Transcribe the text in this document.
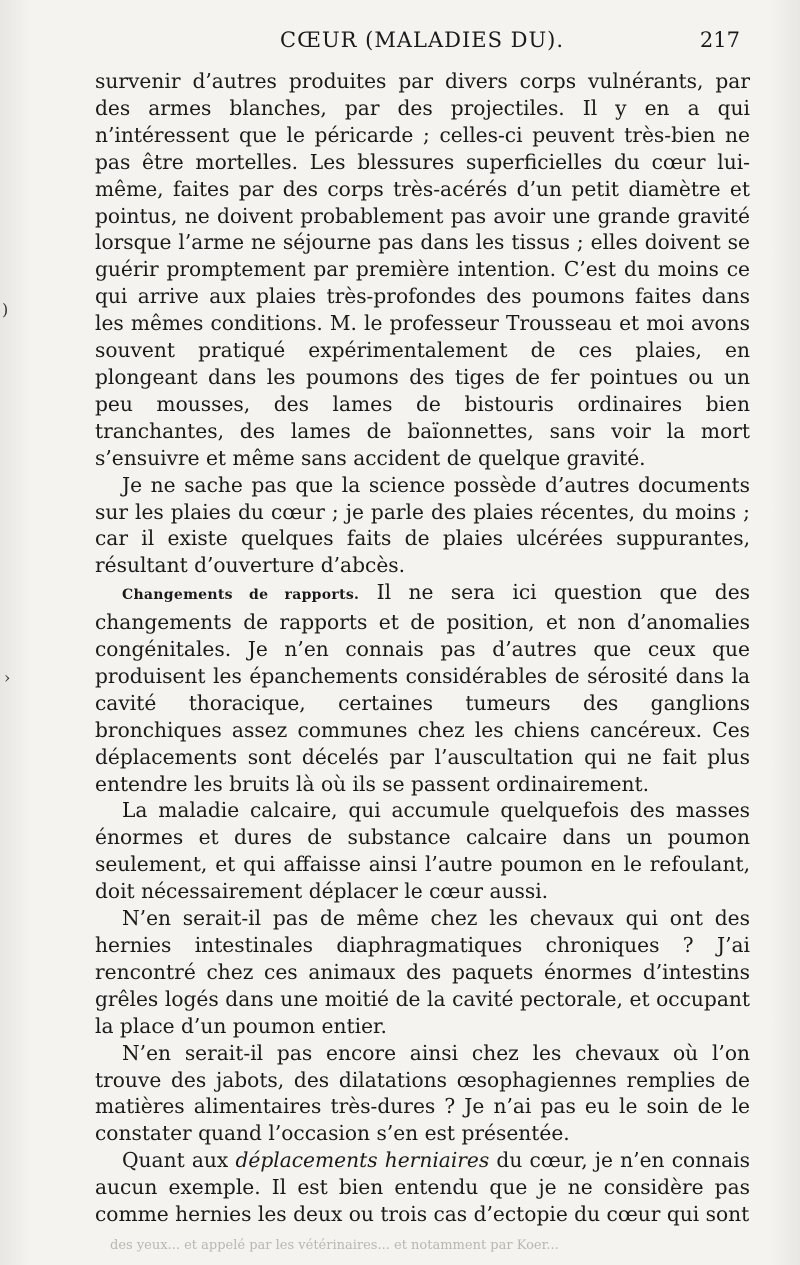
CŒUR (MALADIES DU).	217
)
›

survenir d’autres produites par divers corps vulnérants, par des armes blanches, par des projectiles. Il y en a qui n’intéressent que le péricarde ; celles-ci peuvent très-bien ne pas être mortelles. Les blessures superficielles du cœur lui-même, faites par des corps très-acérés d’un petit diamètre et pointus, ne doivent probablement pas avoir une grande gravité lorsque l’arme ne séjourne pas dans les tissus ; elles doivent se guérir promptement par première intention. C’est du moins ce qui arrive aux plaies très-profondes des poumons faites dans les mêmes conditions. M. le professeur Trousseau et moi avons souvent pratiqué expérimentalement de ces plaies, en plongeant dans les poumons des tiges de fer pointues ou un peu mousses, des lames de bistouris ordinaires bien tranchantes, des lames de baïonnettes, sans voir la mort s’ensuivre et même sans accident de quelque gravité.

Je ne sache pas que la science possède d’autres documents sur les plaies du cœur ; je parle des plaies récentes, du moins ; car il existe quelques faits de plaies ulcérées suppurantes, résultant d’ouverture d’abcès.

Changements de rapports. Il ne sera ici question que des changements de rapports et de position, et non d’anomalies congénitales. Je n’en connais pas d’autres que ceux que produisent les épanchements considérables de sérosité dans la cavité thoracique, certaines tumeurs des ganglions bronchiques assez communes chez les chiens cancéreux. Ces déplacements sont décelés par l’auscultation qui ne fait plus entendre les bruits là où ils se passent ordinairement.

La maladie calcaire, qui accumule quelquefois des masses énormes et dures de substance calcaire dans un poumon seulement, et qui affaisse ainsi l’autre poumon en le refoulant, doit nécessairement déplacer le cœur aussi.

N’en serait-il pas de même chez les chevaux qui ont des hernies intestinales diaphragmatiques chroniques ? J’ai rencontré chez ces animaux des paquets énormes d’intestins grêles logés dans une moitié de la cavité pectorale, et occupant la place d’un poumon entier.

N’en serait-il pas encore ainsi chez les chevaux où l’on trouve des jabots, des dilatations œsophagiennes remplies de matières alimentaires très-dures ? Je n’ai pas eu le soin de le constater quand l’occasion s’en est présentée.

Quant aux déplacements herniaires du cœur, je n’en connais aucun exemple. Il est bien entendu que je ne considère pas comme hernies les deux ou trois cas d’ectopie du cœur qui sont

des yeux... et appelé par les vétérinaires... et notamment par Koer...
